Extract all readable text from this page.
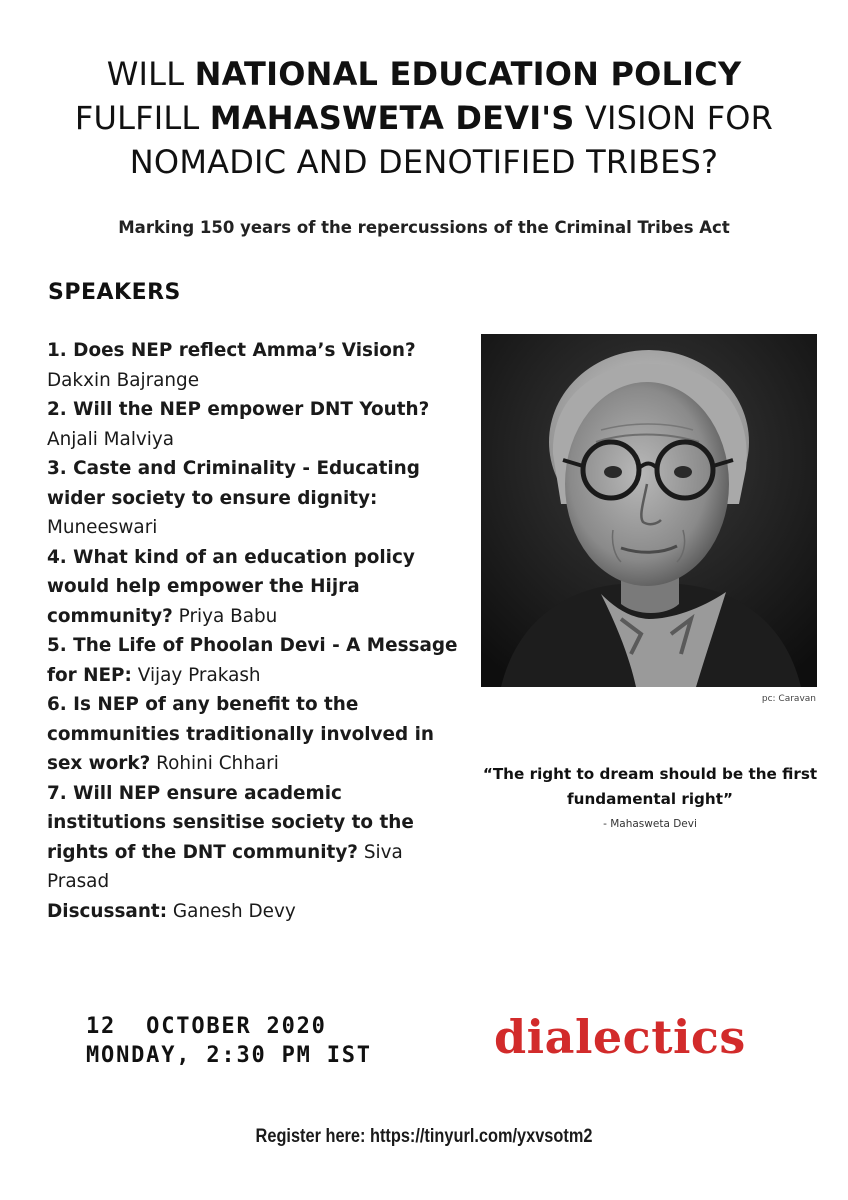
WILL NATIONAL EDUCATION POLICY
FULFILL MAHASWETA DEVI'S VISION FOR
NOMADIC AND DENOTIFIED TRIBES?
Marking 150 years of the repercussions of the Criminal Tribes Act
SPEAKERS

1. Does NEP reflect Amma’s Vision? Dakxin Bajrange

2. Will the NEP empower DNT Youth? Anjali Malviya

3. Caste and Criminality - Educating wider society to ensure dignity: Muneeswari

4. What kind of an education policy would help empower the Hijra community? Priya Babu

5. The Life of Phoolan Devi - A Message for NEP: Vijay Prakash

6. Is NEP of any benefit to the communities traditionally involved in sex work? Rohini Chhari

7. Will NEP ensure academic institutions sensitise society to the rights of the DNT community? Siva Prasad

Discussant: Ganesh Devy

pc: Caravan
“The right to dream should be the first fundamental right”
- Mahasweta Devi
12  OCTOBER 2020
MONDAY, 2:30 PM IST	dialectics
Register here: https://tinyurl.com/yxvsotm2
